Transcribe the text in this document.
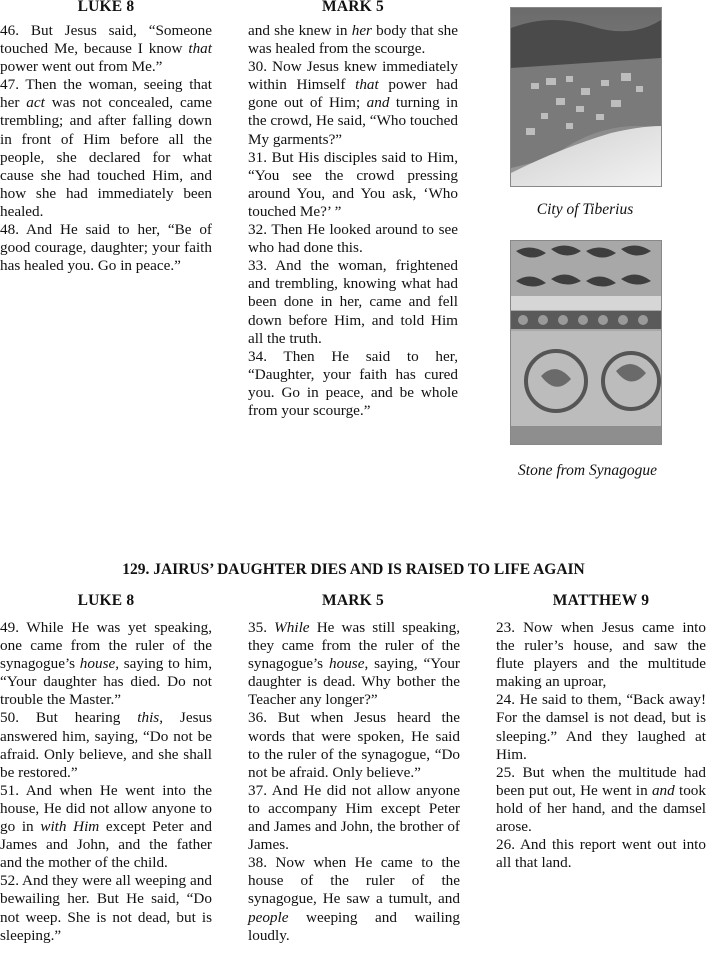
LUKE 8	MARK 5

46. But Jesus said, “Someone touched Me, because I know that power went out from Me.”

47. Then the woman, seeing that her act was not concealed, came trembling; and after falling down in front of Him before all the people, she declared for what cause she had touched Him, and how she had immediately been healed.

48. And He said to her, “Be of good courage, daughter; your faith has healed you. Go in peace.”

and she knew in her body that she was healed from the scourge.

30. Now Jesus knew immediately within Himself that power had gone out of Him; and turning in the crowd, He said, “Who touched My garments?”

31. But His disciples said to Him, “You see the crowd pressing around You, and You ask, ‘Who touched Me?’ ”

32. Then He looked around to see who had done this.

33. And the woman, frightened and trembling, knowing what had been done in her, came and fell down before Him, and told Him all the truth.

34. Then He said to her, “Daughter, your faith has cured you. Go in peace, and be whole from your scourge.”

City of Tiberius
Stone from Synagogue
129. JAIRUS’ DAUGHTER DIES AND IS RAISED TO LIFE AGAIN
LUKE 8	MARK 5	MATTHEW 9

49. While He was yet speaking, one came from the ruler of the synagogue’s house, saying to him, “Your daughter has died. Do not trouble the Master.”

50. But hearing this, Jesus answered him, saying, “Do not be afraid. Only believe, and she shall be restored.”

51. And when He went into the house, He did not allow anyone to go in with Him except Peter and James and John, and the father and the mother of the child.

52. And they were all weeping and bewailing her. But He said, “Do not weep. She is not dead, but is sleeping.”

35. While He was still speaking, they came from the ruler of the synagogue’s house, saying, “Your daughter is dead. Why bother the Teacher any longer?”

36. But when Jesus heard the words that were spoken, He said to the ruler of the synagogue, “Do not be afraid. Only believe.”

37. And He did not allow anyone to accompany Him except Peter and James and John, the brother of James.

38. Now when He came to the house of the ruler of the synagogue, He saw a tumult, and people weeping and wailing loudly.

23. Now when Jesus came into the ruler’s house, and saw the flute players and the multitude making an uproar,

24. He said to them, “Back away! For the damsel is not dead, but is sleeping.” And they laughed at Him.

25. But when the multitude had been put out, He went in and took hold of her hand, and the damsel arose.

26. And this report went out into all that land.
